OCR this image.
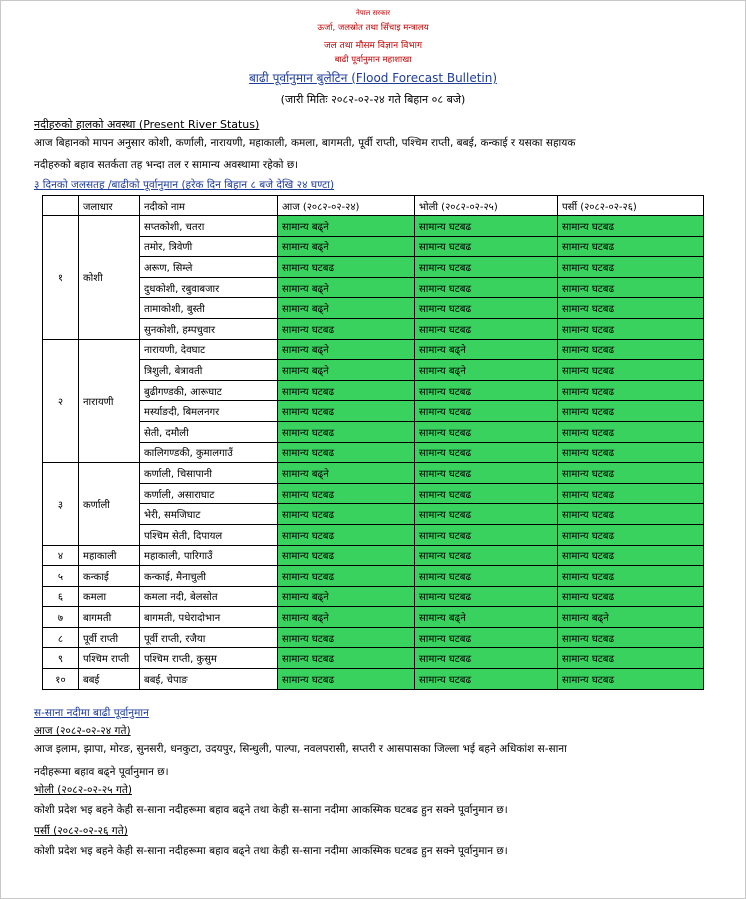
नेपाल सरकार
ऊर्जा, जलस्रोत तथा सिँचाइ मन्त्रालय
जल तथा मौसम विज्ञान विभाग
बाढी पूर्वानुमान महाशाखा
बाढी पूर्वानुमान बुलेटिन (Flood Forecast Bulletin)
(जारी मितिः २०८२-०२-२४ गते बिहान ०८ बजे)
नदीहरुको हालको अवस्था (Present River Status)
आज बिहानको मापन अनुसार कोशी, कर्णाली, नारायणी, महाकाली, कमला, बागमती, पूर्वी राप्ती, पश्चिम राप्ती, बबई, कन्काई र यसका सहायक
नदीहरुको बहाव सतर्कता तह भन्दा तल र सामान्य अवस्थामा रहेको छ।
३ दिनको जलसतह /बाढीको पूर्वानुमान (हरेक दिन बिहान ८ बजे देखि २४ घण्टा)
	जलाधार	नदीको नाम	आज (२०८२-०२-२४)	भोली (२०८२-०२-२५)	पर्सी (२०८२-०२-२६)
१	कोशी	सप्तकोशी, चतरा	सामान्य बढ्ने	सामान्य घटबढ	सामान्य घटबढ
		तमोर, त्रिवेणी	सामान्य बढ्ने	सामान्य घटबढ	सामान्य घटबढ
		अरूण, सिम्ले	सामान्य घटबढ	सामान्य घटबढ	सामान्य घटबढ
		दुधकोशी, रबुवाबजार	सामान्य बढ्ने	सामान्य घटबढ	सामान्य घटबढ
		तामाकोशी, बुस्ती	सामान्य बढ्ने	सामान्य घटबढ	सामान्य घटबढ
		सुनकोशी, हम्पचुवार	सामान्य घटबढ	सामान्य घटबढ	सामान्य घटबढ
२	नारायणी	नारायणी, देवघाट	सामान्य बढ्ने	सामान्य बढ्ने	सामान्य घटबढ
		त्रिशुली, बेत्रावती	सामान्य बढ्ने	सामान्य बढ्ने	सामान्य घटबढ
		बुढीगण्डकी, आरूघाट	सामान्य घटबढ	सामान्य घटबढ	सामान्य घटबढ
		मर्स्याङदी, बिमलनगर	सामान्य घटबढ	सामान्य घटबढ	सामान्य घटबढ
		सेती, दमौली	सामान्य घटबढ	सामान्य घटबढ	सामान्य घटबढ
		कालिगण्डकी, कुमालगाउँ	सामान्य घटबढ	सामान्य घटबढ	सामान्य घटबढ
३	कर्णाली	कर्णाली, चिसापानी	सामान्य बढ्ने	सामान्य घटबढ	सामान्य घटबढ
		कर्णाली, असाराघाट	सामान्य घटबढ	सामान्य घटबढ	सामान्य घटबढ
		भेरी, समजिघाट	सामान्य घटबढ	सामान्य घटबढ	सामान्य घटबढ
		पश्चिम सेती, दिपायल	सामान्य घटबढ	सामान्य घटबढ	सामान्य घटबढ
४	महाकाली	महाकाली, पारिगाउँ	सामान्य घटबढ	सामान्य घटबढ	सामान्य घटबढ
५	कन्काई	कन्काई, मैनाचुली	सामान्य घटबढ	सामान्य घटबढ	सामान्य घटबढ
६	कमला	कमला नदी, बेलसोत	सामान्य बढ्ने	सामान्य घटबढ	सामान्य घटबढ
७	बागमती	बागमती, पधेरादोभान	सामान्य बढ्ने	सामान्य बढ्ने	सामान्य बढ्ने
८	पूर्वी राप्ती	पूर्वी राप्ती, रजैया	सामान्य घटबढ	सामान्य घटबढ	सामान्य घटबढ
९	पश्चिम राप्ती	पश्चिम राप्ती, कुसुम	सामान्य घटबढ	सामान्य घटबढ	सामान्य घटबढ
१०	बबई	बबई, चेपाङ	सामान्य घटबढ	सामान्य घटबढ	सामान्य घटबढ
स-साना नदीमा बाढी पूर्वानुमान
आज (२०८२-०२-२४ गते)
आज इलाम, झापा, मोरङ, सुनसरी, धनकुटा, उदयपुर, सिन्धुली, पाल्पा, नवलपरासी, सप्तरी र आसपासका जिल्ला भई बहने अधिकांश स-साना
नदीहरूमा बहाव बढ्ने पूर्वानुमान छ।
भोली (२०८२-०२-२५ गते)
कोशी प्रदेश भइ बहने केही स-साना नदीहरूमा बहाव बढ्ने तथा केही स-साना नदीमा आकस्मिक घटबढ हुन सक्ने पूर्वानुमान छ।
पर्सी (२०८२-०२-२६ गते)
कोशी प्रदेश भइ बहने केही स-साना नदीहरूमा बहाव बढ्ने तथा केही स-साना नदीमा आकस्मिक घटबढ हुन सक्ने पूर्वानुमान छ।
